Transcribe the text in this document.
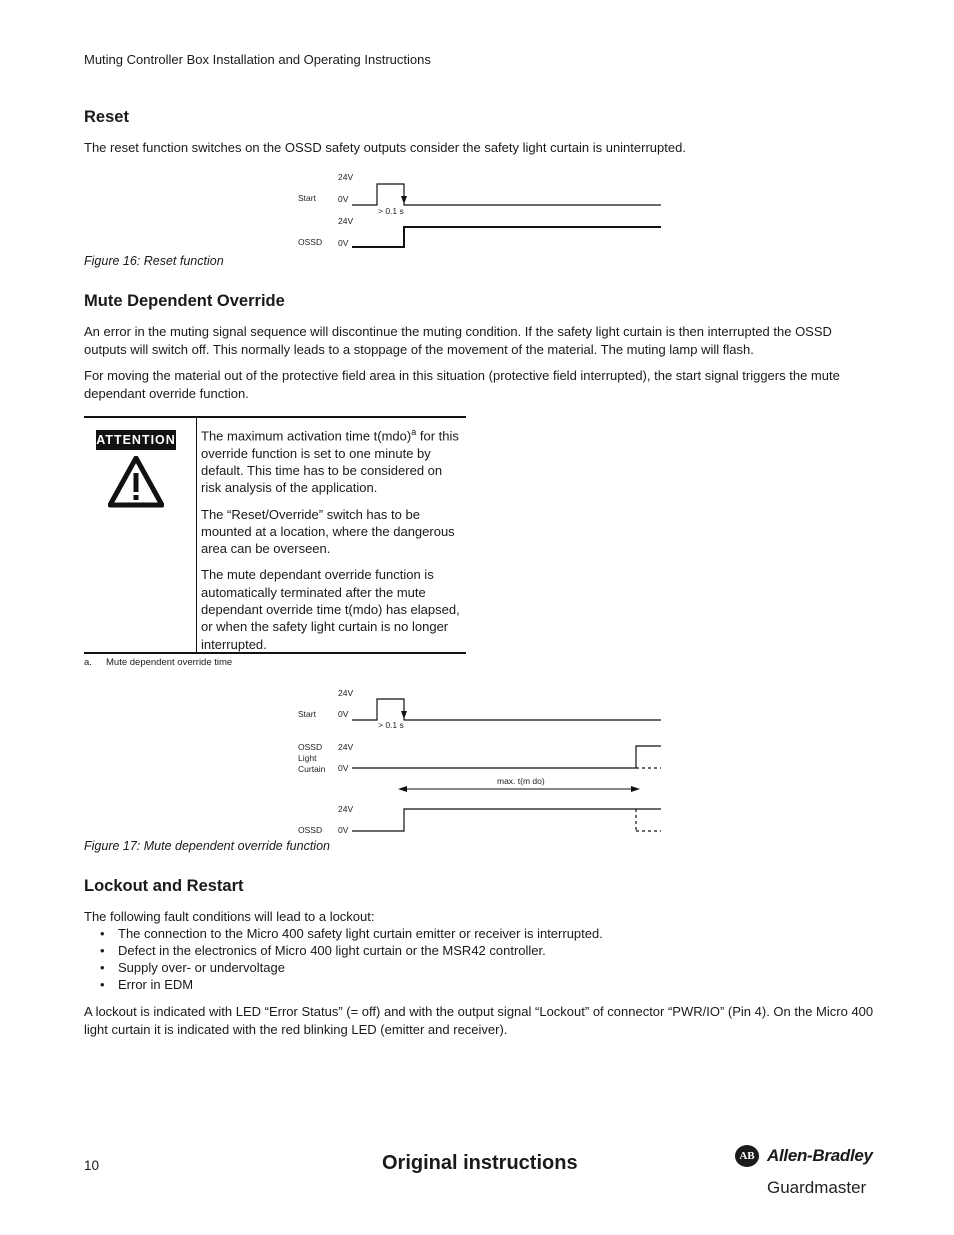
Muting Controller Box Installation and Operating Instructions
Reset

The reset function switches on the OSSD safety outputs consider the safety light curtain is uninterrupted.

24V
Start	0V
> 0.1 s
24V
OSSD 0V
Figure 16: Reset function
Mute Dependent Override

An error in the muting signal sequence will discontinue the muting condition. If the safety light curtain is then interrupted the OSSD outputs will switch off. This normally leads to a stoppage of the movement of the material. The muting lamp will flash.

For moving the material out of the protective field area in this situation (protective field interrupted), the start signal triggers the mute dependant override function.

ATTENTION The maximum activation time t(mdo)$^a$ for this override function is set to one minute by default. This time has to be considered on risk analysis of the application.

The “Reset/Override” switch has to be mounted at a location, where the dangerous area can be overseen.

The mute dependant override function is automatically terminated after the mute dependant override time t(mdo) has elapsed, or when the safety light curtain is no longer interrupted.

a. Mute dependent override time
24V
Start	0V
> 0.1 s
OSSD
Light
Curtain
24V
0V
max. t(m do)
24V
OSSD 0V
Figure 17: Mute dependent override function
Lockout and Restart

The following fault conditions will lead to a lockout:

• The connection to the Micro 400 safety light curtain emitter or receiver is interrupted.
• Defect in the electronics of Micro 400 light curtain or the MSR42 controller.
• Supply over- or undervoltage
• Error in EDM

A lockout is indicated with LED “Error Status” (= off) and with the output signal “Lockout” of connector “PWR/IO” (Pin 4). On the Micro 400 light curtain it is indicated with the red blinking LED (emitter and receiver).

10	Original instructions	AB Allen-Bradley
Guardmaster
